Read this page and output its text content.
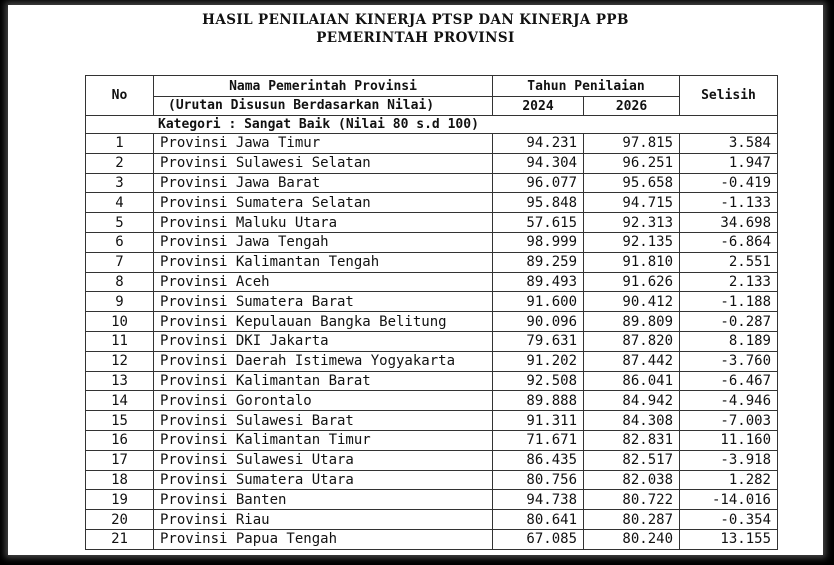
HASIL PENILAIAN KINERJA PTSP DAN KINERJA PPB
PEMERINTAH PROVINSI
No	Nama Pemerintah Provinsi	Tahun Penilaian		Selisih
	(Urutan Disusun Berdasarkan Nilai)	2024	2026	
Kategori : Sangat Baik (Nilai 80 s.d 100)				
1	Provinsi Jawa Timur	94.231	97.815	3.584
2	Provinsi Sulawesi Selatan	94.304	96.251	1.947
3	Provinsi Jawa Barat	96.077	95.658	-0.419
4	Provinsi Sumatera Selatan	95.848	94.715	-1.133
5	Provinsi Maluku Utara	57.615	92.313	34.698
6	Provinsi Jawa Tengah	98.999	92.135	-6.864
7	Provinsi Kalimantan Tengah	89.259	91.810	2.551
8	Provinsi Aceh	89.493	91.626	2.133
9	Provinsi Sumatera Barat	91.600	90.412	-1.188
10	Provinsi Kepulauan Bangka Belitung	90.096	89.809	-0.287
11	Provinsi DKI Jakarta	79.631	87.820	8.189
12	Provinsi Daerah Istimewa Yogyakarta	91.202	87.442	-3.760
13	Provinsi Kalimantan Barat	92.508	86.041	-6.467
14	Provinsi Gorontalo	89.888	84.942	-4.946
15	Provinsi Sulawesi Barat	91.311	84.308	-7.003
16	Provinsi Kalimantan Timur	71.671	82.831	11.160
17	Provinsi Sulawesi Utara	86.435	82.517	-3.918
18	Provinsi Sumatera Utara	80.756	82.038	1.282
19	Provinsi Banten	94.738	80.722	-14.016
20	Provinsi Riau	80.641	80.287	-0.354
21	Provinsi Papua Tengah	67.085	80.240	13.155
